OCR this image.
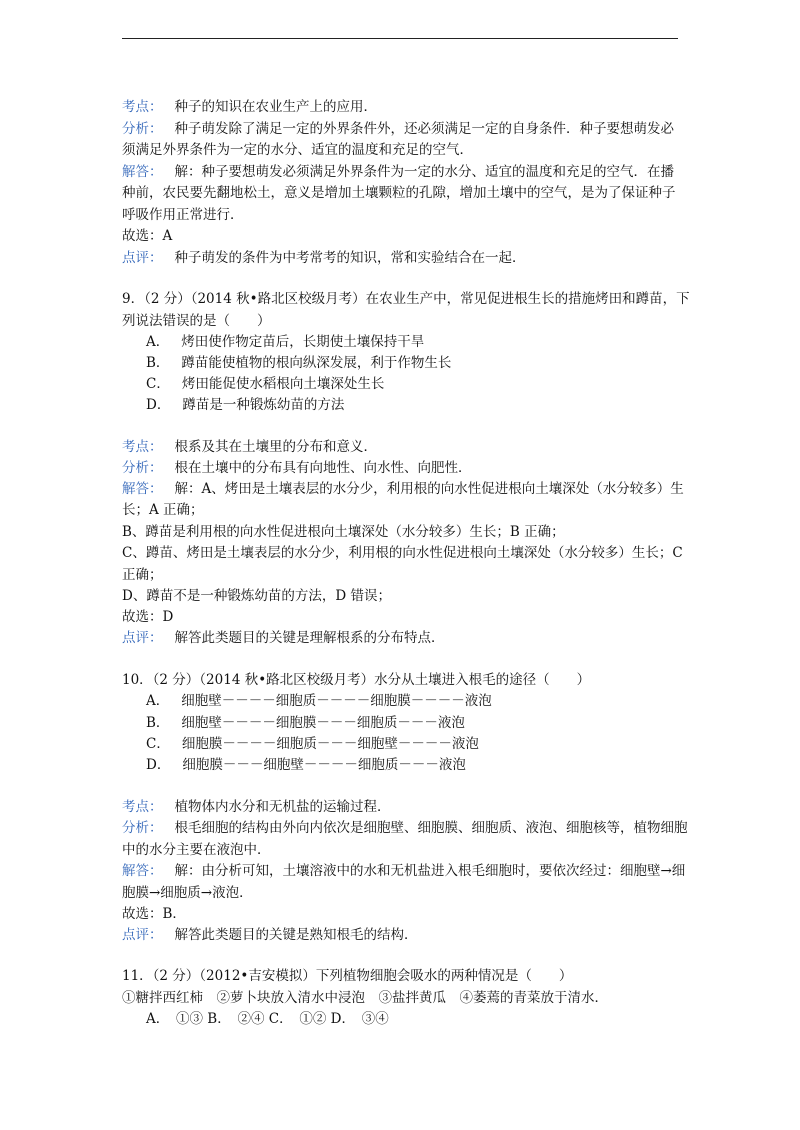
考点： 种子的知识在农业生产上的应用．
分析： 种子萌发除了满足一定的外界条件外，还必须满足一定的自身条件．种子要想萌发必
须满足外界条件为一定的水分、适宜的温度和充足的空气．
解答： 解：种子要想萌发必须满足外界条件为一定的水分、适宜的温度和充足的空气．在播
种前，农民要先翻地松土，意义是增加土壤颗粒的孔隙，增加土壤中的空气，是为了保证种子
呼吸作用正常进行．
故选：A
点评： 种子萌发的条件为中考常考的知识，常和实验结合在一起．
9．（2 分）（2014 秋•路北区校级月考）在农业生产中，常见促进根生长的措施烤田和蹲苗，下
列说法错误的是（　　）
A． 烤田使作物定苗后，长期使土壤保持干旱
B． 蹲苗能使植物的根向纵深发展，利于作物生长
C． 烤田能促使水稻根向土壤深处生长
D． 蹲苗是一种锻炼幼苗的方法
考点： 根系及其在土壤里的分布和意义．
分析： 根在土壤中的分布具有向地性、向水性、向肥性．
解答： 解：A、烤田是土壤表层的水分少，利用根的向水性促进根向土壤深处（水分较多）生
长；A 正确；
B、蹲苗是利用根的向水性促进根向土壤深处（水分较多）生长；B 正确；
C、蹲苗、烤田是土壤表层的水分少，利用根的向水性促进根向土壤深处（水分较多）生长；C
正确；
D、蹲苗不是一种锻炼幼苗的方法，D 错误；
故选：D
点评： 解答此类题目的关键是理解根系的分布特点．
10．（2 分）（2014 秋•路北区校级月考）水分从土壤进入根毛的途径（　　）
A． 细胞壁－－－－细胞质－－－－细胞膜－－－－液泡
B． 细胞壁－－－－细胞膜－－－细胞质－－－液泡
C． 细胞膜－－－－细胞质－－－细胞壁－－－－液泡
D． 细胞膜－－－细胞壁－－－－细胞质－－－液泡
考点： 植物体内水分和无机盐的运输过程．
分析： 根毛细胞的结构由外向内依次是细胞壁、细胞膜、细胞质、液泡、细胞核等，植物细胞
中的水分主要在液泡中．
解答： 解：由分析可知，土壤溶液中的水和无机盐进入根毛细胞时，要依次经过：细胞壁→细
胞膜→细胞质→液泡．
故选：B．
点评： 解答此类题目的关键是熟知根毛的结构．
11．（2 分）（2012•吉安模拟）下列植物细胞会吸水的两种情况是（　　）
①糖拌西红柿　②萝卜块放入清水中浸泡　③盐拌黄瓜　④萎蔫的青菜放于清水．
A．　①③ B．　②④ C．　①② D．　③④
